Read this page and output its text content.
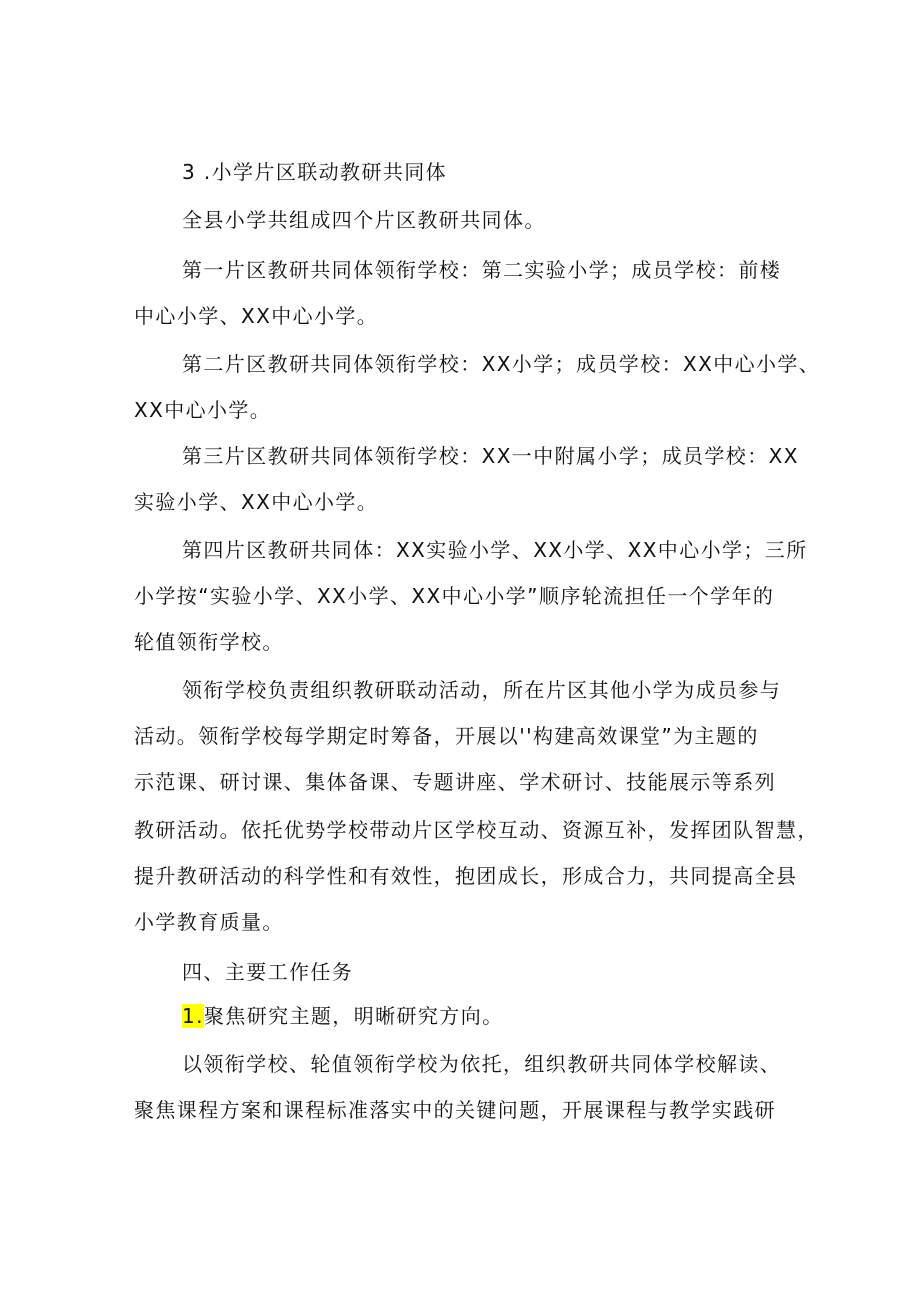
3 .小学片区联动教研共同体
全县小学共组成四个片区教研共同体。
第一片区教研共同体领衔学校：第二实验小学；成员学校：前楼
中心小学、XX中心小学。
第二片区教研共同体领衔学校：XX小学；成员学校：XX中心小学、
XX中心小学。
第三片区教研共同体领衔学校：XX一中附属小学；成员学校：XX
实验小学、XX中心小学。
第四片区教研共同体：XX实验小学、XX小学、XX中心小学；三所
小学按“实验小学、XX小学、XX中心小学”顺序轮流担任一个学年的
轮值领衔学校。
领衔学校负责组织教研联动活动，所在片区其他小学为成员参与
活动。领衔学校每学期定时筹备，开展以''构建高效课堂”为主题的
示范课、研讨课、集体备课、专题讲座、学术研讨、技能展示等系列
教研活动。依托优势学校带动片区学校互动、资源互补，发挥团队智慧，
提升教研活动的科学性和有效性，抱团成长，形成合力，共同提高全县
小学教育质量。
四、主要工作任务
1.聚焦研究主题，明晰研究方向。
以领衔学校、轮值领衔学校为依托，组织教研共同体学校解读、
聚焦课程方案和课程标准落实中的关键问题，开展课程与教学实践研
